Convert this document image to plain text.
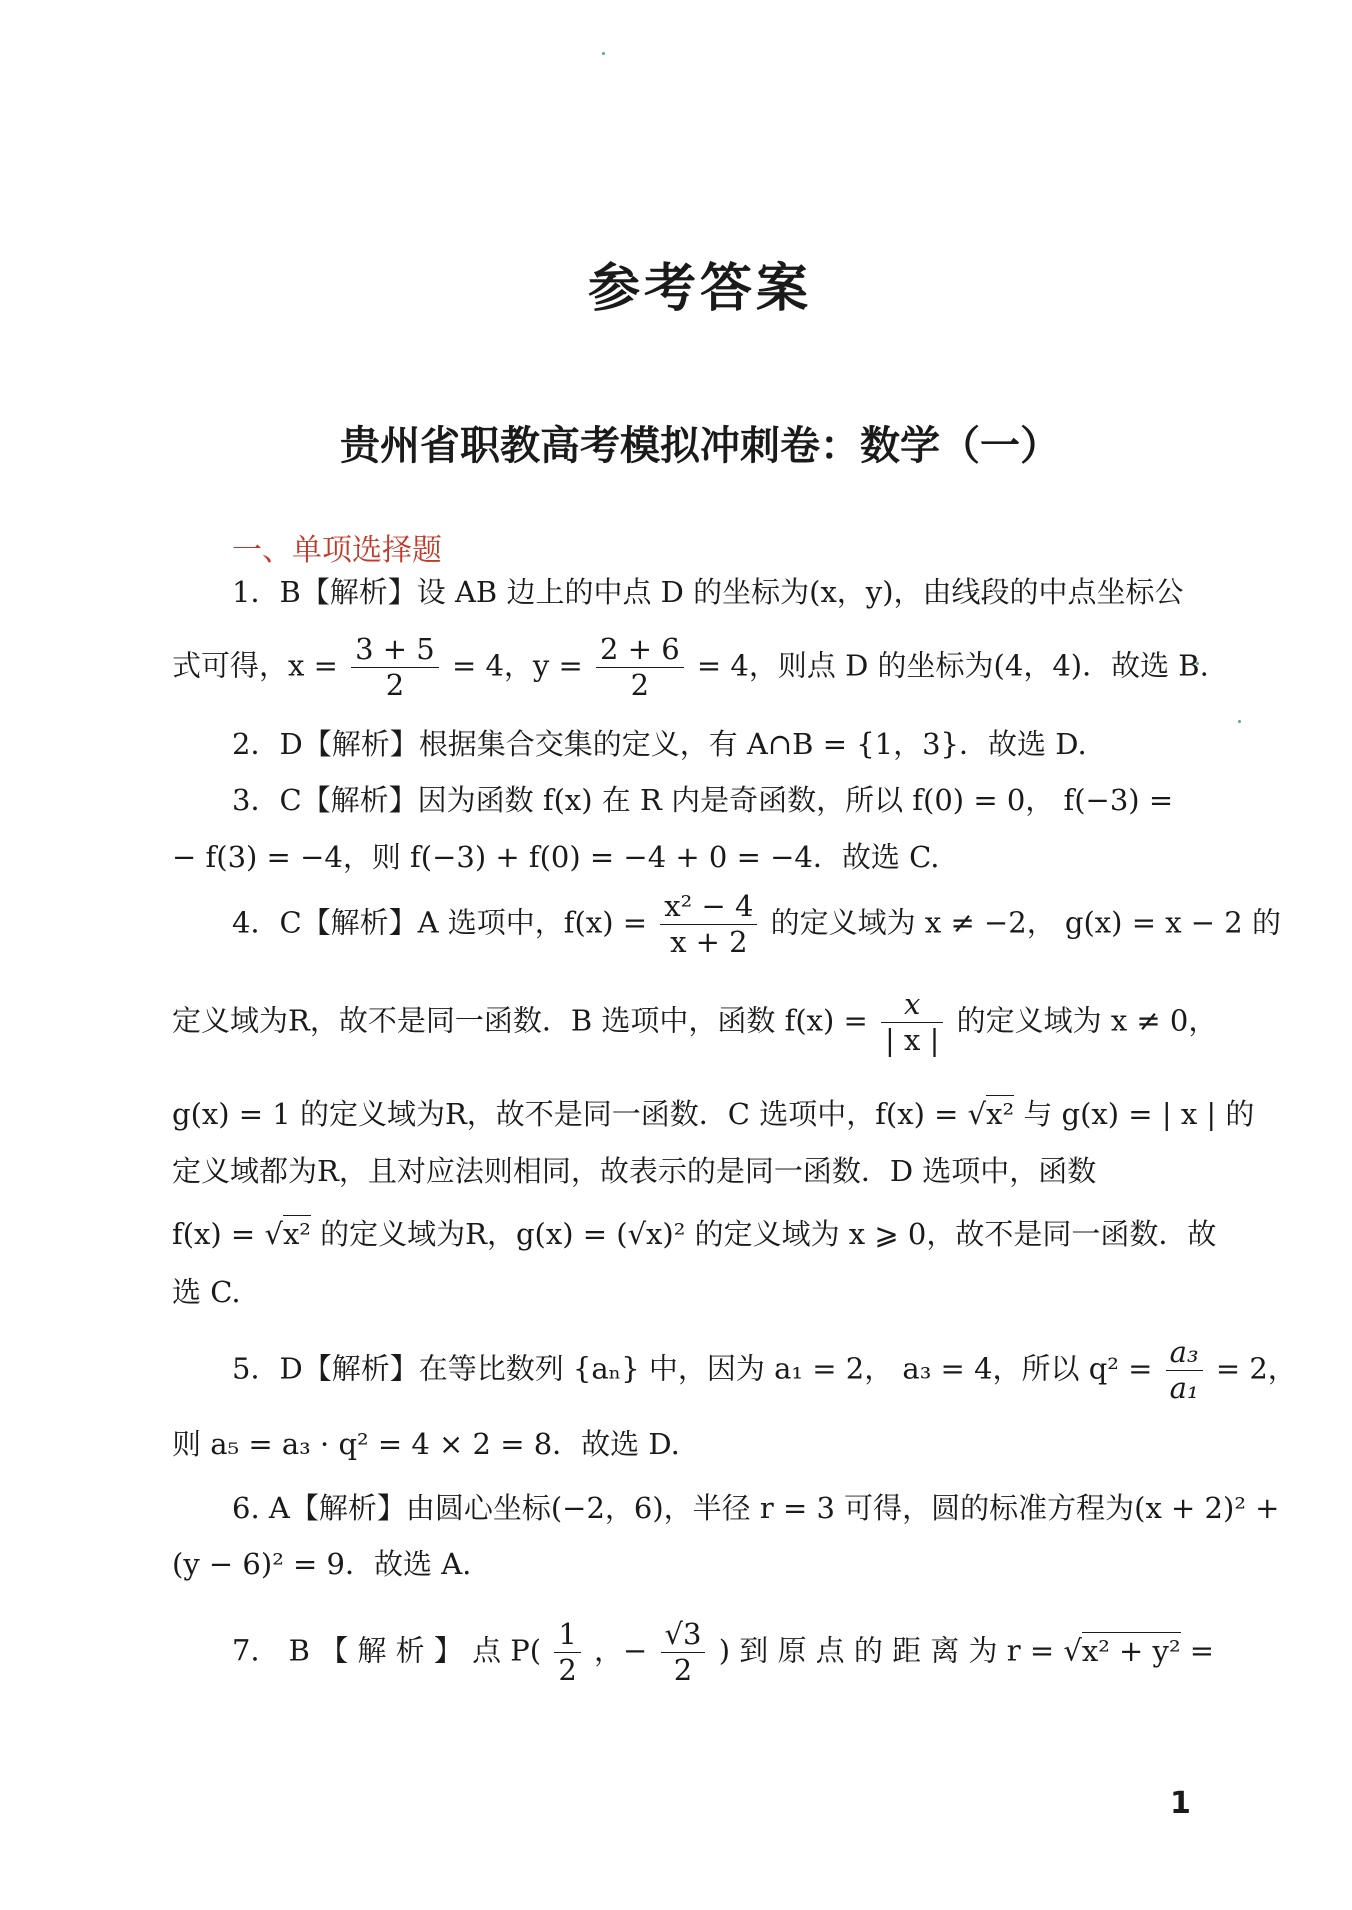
参考答案
贵州省职教高考模拟冲刺卷：数学（一）
一、单项选择题
1．B【解析】设 AB 边上的中点 D 的坐标为(x，y)，由线段的中点坐标公
式可得，$x = \frac{3 + 5}{2} = 4$，$y = \frac{2 + 6}{2} = 4$，则点 D 的坐标为(4，4)．故选 B.
2．D【解析】根据集合交集的定义，有 A∩B = {1，3}．故选 D.
3．C【解析】因为函数 f(x) 在 R 内是奇函数，所以 f(0) = 0， f(−3) =
− f(3) = −4，则 f(−3) + f(0) = −4 + 0 = −4．故选 C.
4．C【解析】A 选项中，$f(x) = \frac{\text{x² − 4}}{x + 2}$ 的定义域为 x ≠ −2， g(x) = x − 2 的
定义域为R，故不是同一函数．B 选项中，函数 $f(x) = \frac{x}{| x |}$ 的定义域为 x ≠ 0，
g(x) = 1 的定义域为R，故不是同一函数．C 选项中，f(x) = √x² 与 g(x) = | x | 的
定义域都为R，且对应法则相同，故表示的是同一函数．D 选项中，函数
f(x) = √x² 的定义域为R，g(x) = (√x)² 的定义域为 x ⩾ 0，故不是同一函数．故
选 C.
5．D【解析】在等比数列 {aₙ} 中，因为 a₁ = 2， a₃ = 4，所以 $q^2 = \frac{\text{a₃}}{\text{a₁}} = 2$，
则 a₅ = a₃ · q² = 4 × 2 = 8．故选 D.
6. A【解析】由圆心坐标(−2，6)，半径 r = 3 可得，圆的标准方程为(x + 2)² +
(y − 6)² = 9．故选 A.
7． B 【 解 析 】 点 $P( \frac{1}{2}$ ，− $\frac{√3}{2}$ ) 到 原 点 的 距 离 为 r = √x² + y² =
1
